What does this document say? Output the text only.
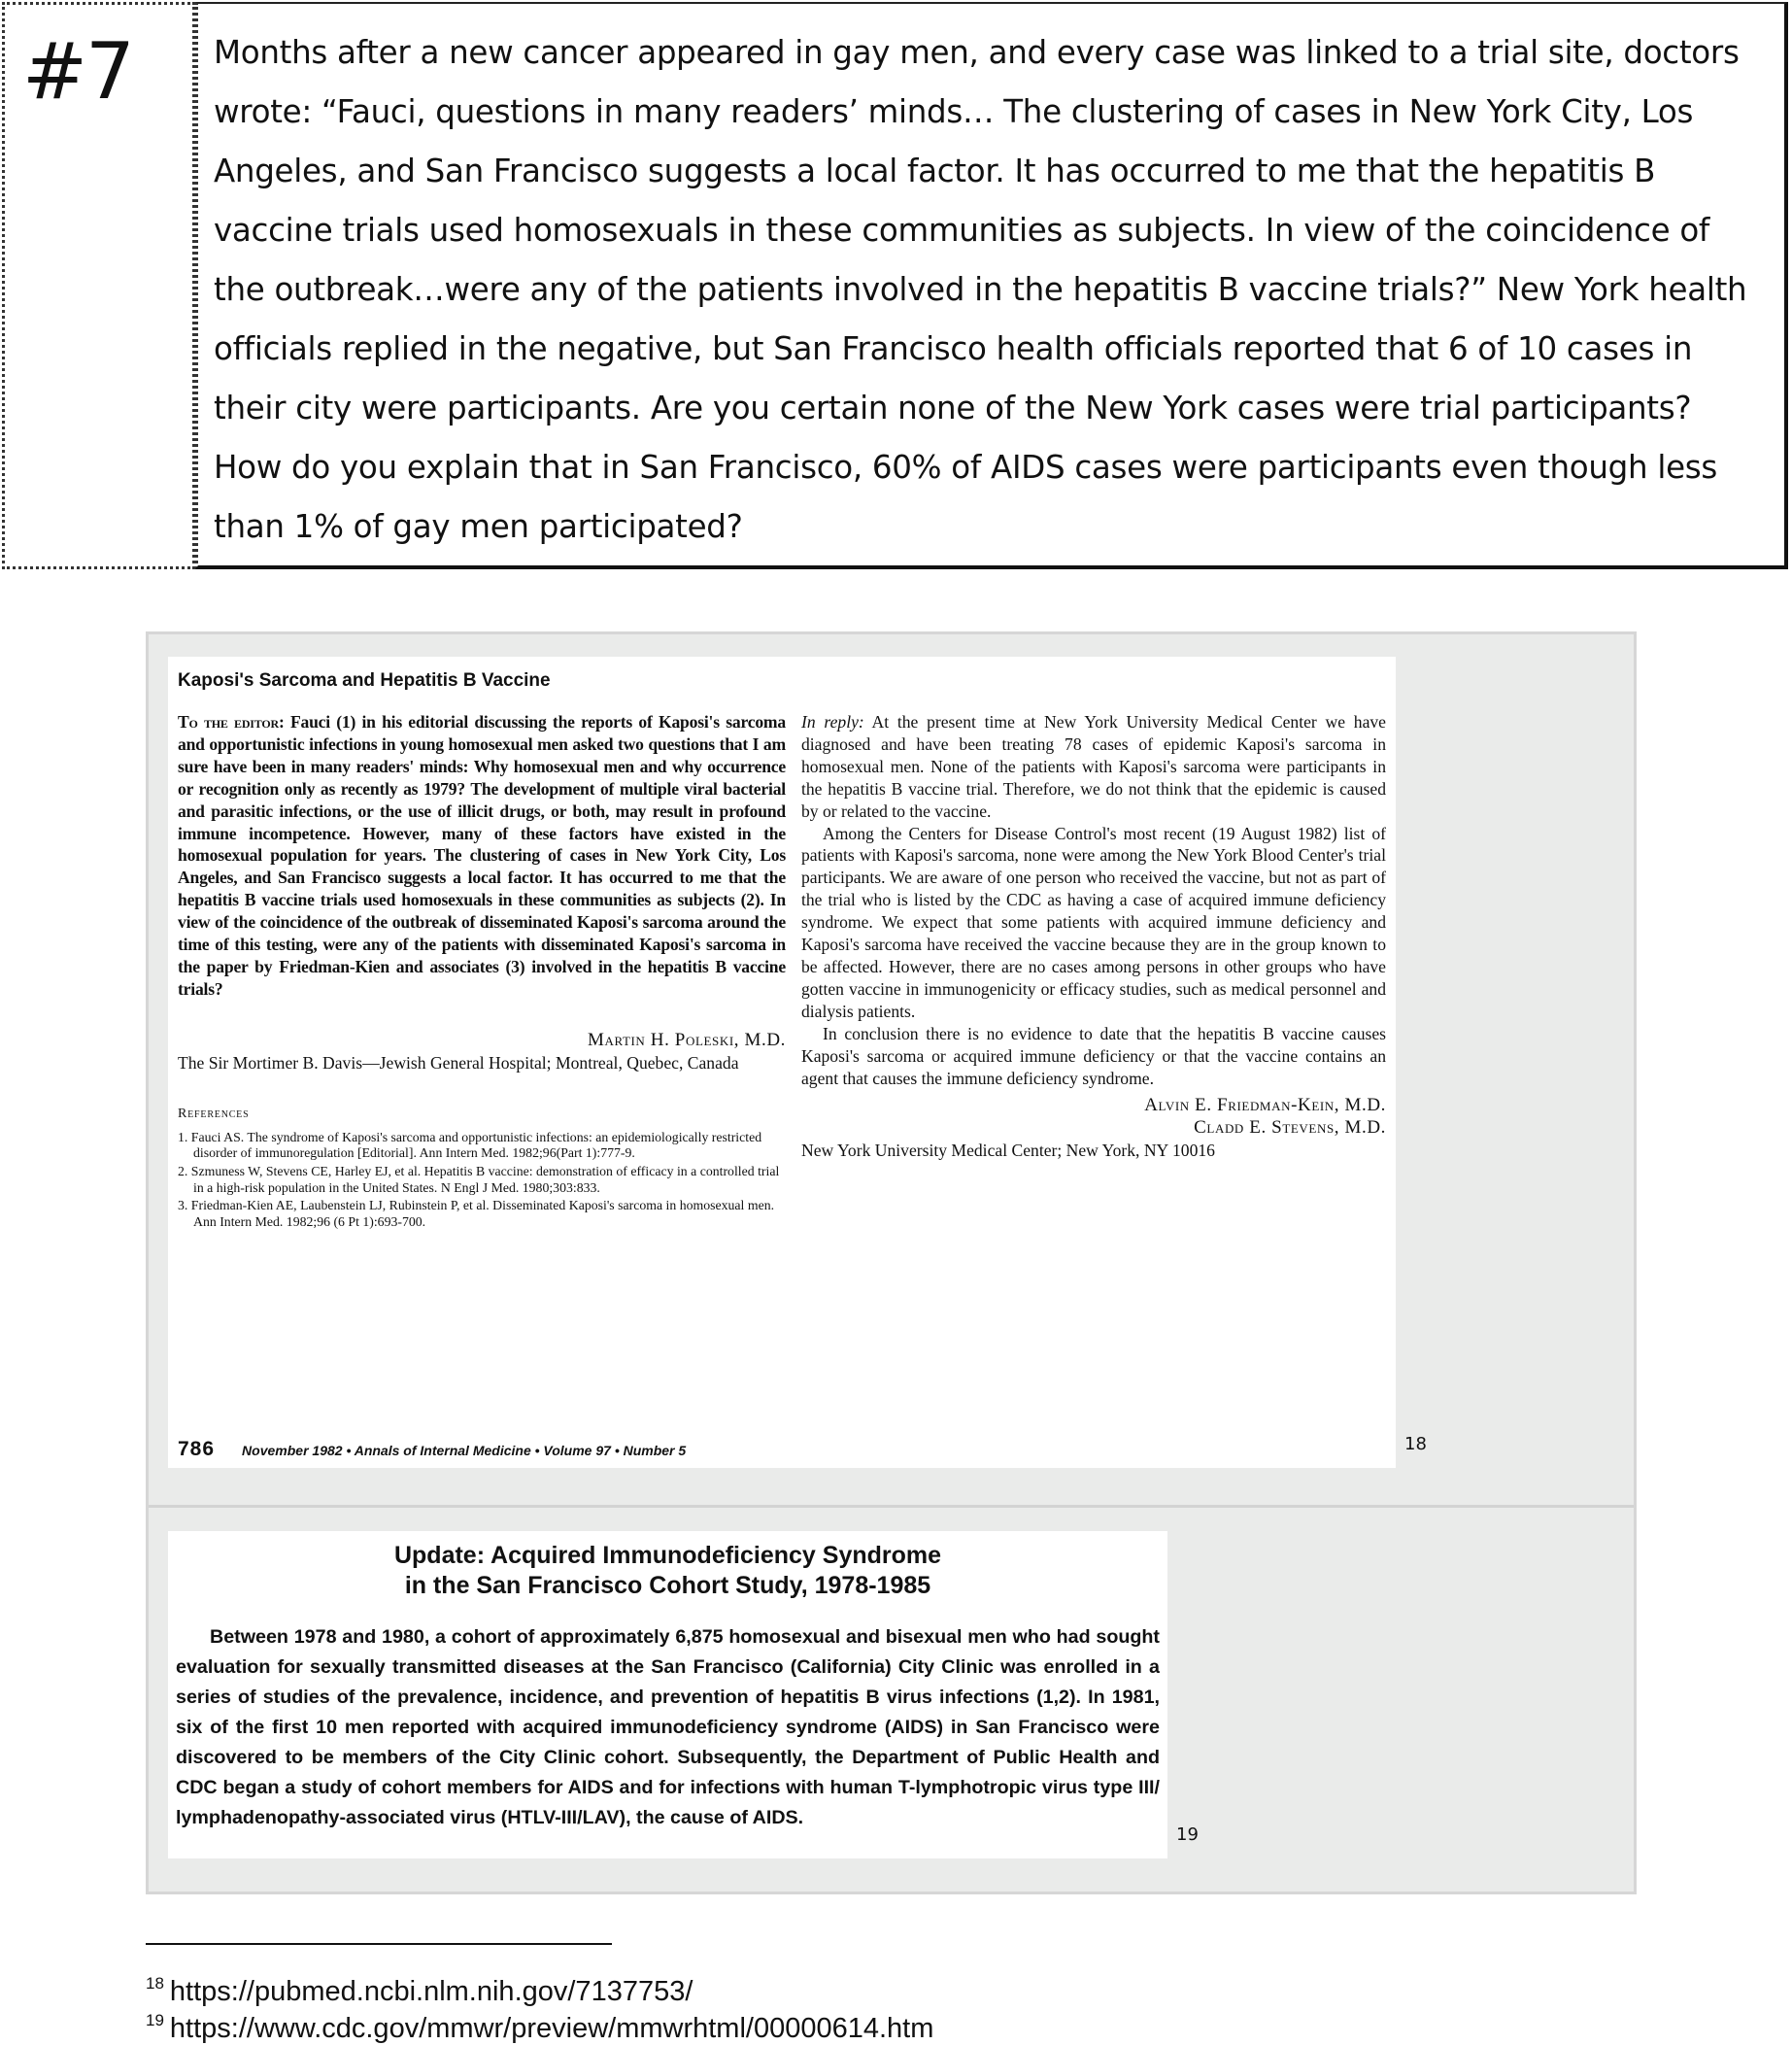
#7	Months after a new cancer appeared in gay men, and every case was linked to a trial site, doctors wrote: “Fauci, questions in many readers’ minds… The clustering of cases in New York City, Los Angeles, and San Francisco suggests a local factor. It has occurred to me that the hepatitis B vaccine trials used homosexuals in these communities as subjects. In view of the coincidence of the outbreak…were any of the patients involved in the hepatitis B vaccine trials?” New York health officials replied in the negative, but San Francisco health officials reported that 6 of 10 cases in their city were participants. Are you certain none of the New York cases were trial participants? How do you explain that in San Francisco, 60% of AIDS cases were participants even though less than 1% of gay men participated?

Kaposi's Sarcoma and Hepatitis B Vaccine

To the editor: Fauci (1) in his editorial discussing the reports of Kaposi's sarcoma and opportunistic infections in young homosexual men asked two questions that I am sure have been in many readers' minds: Why homosexual men and why occurrence or recognition only as recently as 1979? The development of multiple viral bacterial and parasitic infections, or the use of illicit drugs, or both, may result in profound immune incompetence. However, many of these factors have existed in the homosexual population for years. The clustering of cases in New York City, Los Angeles, and San Francisco suggests a local factor. It has occurred to me that the hepatitis B vaccine trials used homosexuals in these communities as subjects (2). In view of the coincidence of the outbreak of disseminated Kaposi's sarcoma around the time of this testing, were any of the patients with disseminated Kaposi's sarcoma in the paper by Friedman-Kien and associates (3) involved in the hepatitis B vaccine trials?

Martin H. Poleski, M.D.

The Sir Mortimer B. Davis—Jewish General Hospital; Montreal, Quebec, Canada

References

1. Fauci AS. The syndrome of Kaposi's sarcoma and opportunistic infections: an epidemiologically restricted disorder of immunoregulation [Editorial]. Ann Intern Med. 1982;96(Part 1):777-9.

2. Szmuness W, Stevens CE, Harley EJ, et al. Hepatitis B vaccine: demonstration of efficacy in a controlled trial in a high-risk population in the United States. N Engl J Med. 1980;303:833.

3. Friedman-Kien AE, Laubenstein LJ, Rubinstein P, et al. Disseminated Kaposi's sarcoma in homosexual men. Ann Intern Med. 1982;96 (6 Pt 1):693-700.

In reply: At the present time at New York University Medical Center we have diagnosed and have been treating 78 cases of epidemic Kaposi's sarcoma in homosexual men. None of the patients with Kaposi's sarcoma were participants in the hepatitis B vaccine trial. Therefore, we do not think that the epidemic is caused by or related to the vaccine.

Among the Centers for Disease Control's most recent (19 August 1982) list of patients with Kaposi's sarcoma, none were among the New York Blood Center's trial participants. We are aware of one person who received the vaccine, but not as part of the trial who is listed by the CDC as having a case of acquired immune deficiency syndrome. We expect that some patients with acquired immune deficiency and Kaposi's sarcoma have received the vaccine because they are in the group known to be affected. However, there are no cases among persons in other groups who have gotten vaccine in immunogenicity or efficacy studies, such as medical personnel and dialysis patients.

In conclusion there is no evidence to date that the hepatitis B vaccine causes Kaposi's sarcoma or acquired immune deficiency or that the vaccine contains an agent that causes the immune deficiency syndrome.

Alvin E. Friedman-Kein, M.D.

Cladd E. Stevens, M.D.

New York University Medical Center; New York, NY 10016

786 November 1982 • Annals of Internal Medicine • Volume 97 • Number 5	18
Update: Acquired Immunodeficiency Syndrome
in the San Francisco Cohort Study, 1978-1985

Between 1978 and 1980, a cohort of approximately 6,875 homosexual and bisexual men who had sought evaluation for sexually transmitted diseases at the San Francisco (California) City Clinic was enrolled in a series of studies of the prevalence, incidence, and prevention of hepatitis B virus infections (1,2). In 1981, six of the first 10 men reported with acquired immunodeficiency syndrome (AIDS) in San Francisco were discovered to be members of the City Clinic cohort. Subsequently, the Department of Public Health and CDC began a study of cohort members for AIDS and for infections with human T-lymphotropic virus type III/ lymphadenopathy-associated virus (HTLV-III/LAV), the cause of AIDS.

19
$^{18}$ https://pubmed.ncbi.nlm.nih.gov/7137753/
$^{19}$ https://www.cdc.gov/mmwr/preview/mmwrhtml/00000614.htm
